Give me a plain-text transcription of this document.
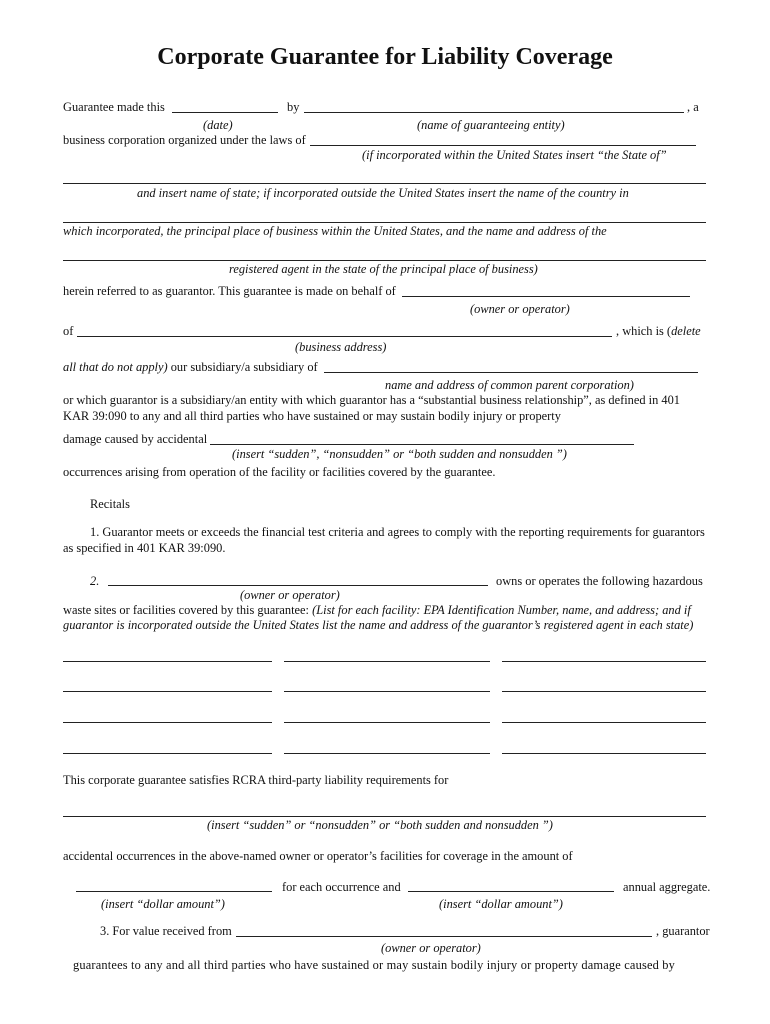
Corporate Guarantee for Liability Coverage
Guarantee made this	by	, a
(date)	(name of guaranteeing entity)
business corporation organized under the laws of
(if incorporated within the United States insert “the State of”
and insert name of state; if incorporated outside the United States insert the name of the country in
which incorporated, the principal place of business within the United States, and the name and address of the
registered agent in the state of the principal place of business)
herein referred to as guarantor. This guarantee is made on behalf of
(owner or operator)
of	, which is (delete
(business address)
all that do not apply) our subsidiary/a subsidiary of
name and address of common parent corporation)
or which guarantor is a subsidiary/an entity with which guarantor has a “substantial business relationship”, as defined in 401
KAR 39:090 to any and all third parties who have sustained or may sustain bodily injury or property
damage caused by accidental
(insert “sudden”, “nonsudden” or “both sudden and nonsudden ”)
occurrences arising from operation of the facility or facilities covered by the guarantee.
Recitals
1. Guarantor meets or exceeds the financial test criteria and agrees to comply with the reporting requirements for guarantors
as specified in 401 KAR 39:090.
2.	owns or operates the following hazardous
(owner or operator)
waste sites or facilities covered by this guarantee: (List for each facility: EPA Identification Number, name, and address; and if
guarantor is incorporated outside the United States list the name and address of the guarantor’s registered agent in each state)
This corporate guarantee satisfies RCRA third-party liability requirements for
(insert “sudden” or “nonsudden” or “both sudden and nonsudden ”)
accidental occurrences in the above-named owner or operator’s facilities for coverage in the amount of
for each occurrence and	annual aggregate.
(insert “dollar amount”)	(insert “dollar amount”)
3. For value received from	, guarantor
(owner or operator)
guarantees to any and all third parties who have sustained or may sustain bodily injury or property damage caused by
